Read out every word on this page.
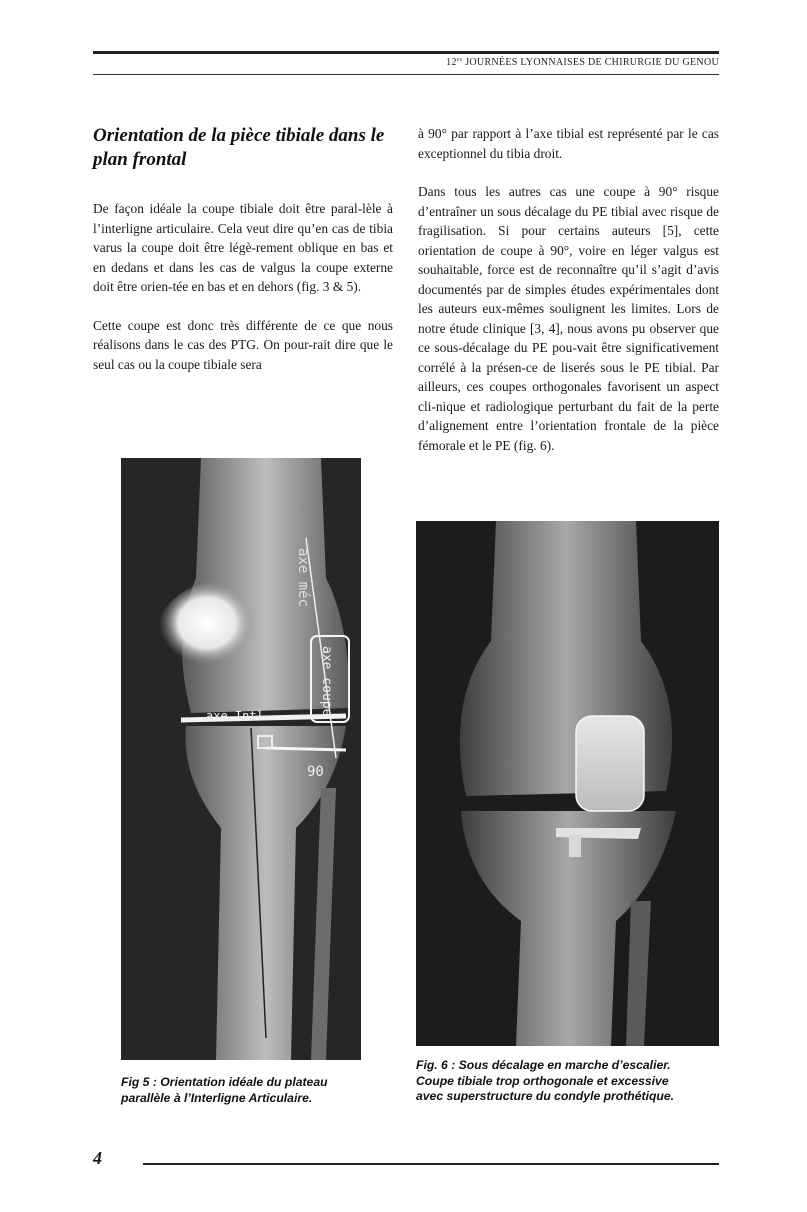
$12^{es}$ JOURNÉES LYONNAISES DE CHIRURGIE DU GENOU
Orientation de la pièce tibiale dans le plan frontal

De façon idéale la coupe tibiale doit être paral-lèle à l’interligne articulaire. Cela veut dire qu’en cas de tibia varus la coupe doit être légè-rement oblique en bas et en dedans et dans les cas de valgus la coupe externe doit être orien-tée en bas et en dehors (fig. 3 & 5).

Cette coupe est donc très différente de ce que nous réalisons dans le cas des PTG. On pour-rait dire que le seul cas ou la coupe tibiale sera

à 90° par rapport à l’axe tibial est représenté par le cas exceptionnel du tibia droit.

Dans tous les autres cas une coupe à 90° risque d’entraîner un sous décalage du PE tibial avec risque de fragilisation. Si pour certains auteurs [5], cette orientation de coupe à 90°, voire en léger valgus est souhaitable, force est de reconnaître qu’il s’agit d’avis documentés par de simples études expérimentales dont les auteurs eux-mêmes soulignent les limites. Lors de notre étude clinique [3, 4], nous avons pu observer que ce sous-décalage du PE pou-vait être significativement corrélé à la présen-ce de liserés sous le PE tibial. Par ailleurs, ces coupes orthogonales favorisent un aspect cli-nique et radiologique perturbant du fait de la perte d’alignement entre l’orientation frontale de la pièce fémorale et le PE (fig. 6).

axe méc
axe coupe
axe Intl
90
Fig 5 : Orientation idéale du plateau
parallèle à l’Interligne Articulaire.
Fig. 6 : Sous décalage en marche d’escalier.
Coupe tibiale trop orthogonale et excessive
avec superstructure du condyle prothétique.
4
